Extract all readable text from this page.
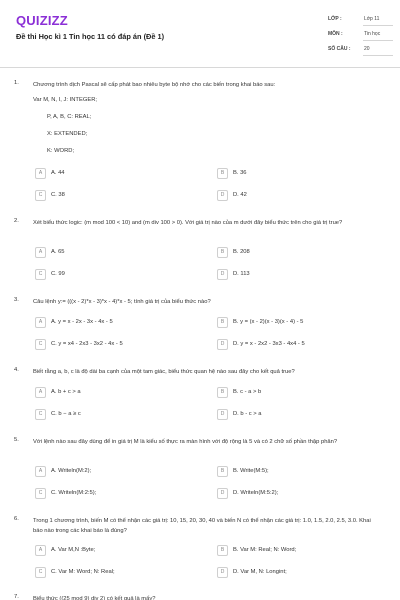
QUIZIZZ
Đề thi Học kì 1 Tin học 11 có đáp án (Đề 1)
LỚP :	Lớp 11
MÔN :	Tin học
SỐ CÂU :	20
1. Chương trình dịch Pascal sẽ cấp phát bao nhiêu byte bộ nhớ cho các biến trong khai báo sau:
Var M, N, I, J: INTEGER;
P, A, B, C: REAL;
X: EXTENDED;
K: WORD;
A	A. 44	B	B. 36
C	C. 38	D	D. 42
2. Xét biểu thức logic: (m mod 100 < 10) and (m div 100 > 0). Với giá trị nào của m dưới đây biểu thức trên cho giá trị true?
A	A. 65	B	B. 208
C	C. 99	D	D. 113
3. Câu lệnh y:= (((x - 2)*x - 3)*x - 4)*x - 5; tính giá trị của biểu thức nào?
A	A. y = x - 2x - 3x - 4x - 5	B	B. y = (x - 2)(x - 3)(x - 4) - 5
C	C. y = x4 - 2x3 - 3x2 - 4x - 5	D	D. y = x - 2x2 - 3x3 - 4x4 - 5
4. Biết rằng a, b, c là độ dài ba cạnh của một tam giác, biểu thức quan hệ nào sau đây cho kết quả true?
A	A. b + c > a	B	B. c - a > b
C	C. b − a ≥ c	D	D. b - c > a
5. Với lệnh nào sau đây dùng để in giá trị M là kiểu số thực ra màn hình với độ rộng là 5 và có 2 chữ số phần thập phân?
A	A. Writeln(M:2);	B	B. Write(M:5);
C	C. Writeln(M:2:5);	D	D. Writeln(M:5:2);
6. Trong 1 chương trình, biến M có thể nhận các giá trị: 10, 15, 20, 30, 40 và biến N có thể nhận các giá trị: 1.0, 1.5, 2.0, 2.5, 3.0. Khai báo nào trong các khai báo là đúng?
A	A. Var M,N :Byte;	B	B. Var M: Real; N: Word;
C	C. Var M: Word; N: Real;	D	D. Var M, N: Longint;
7. Biểu thức ((25 mod 9) div 2) có kết quả là mấy?
